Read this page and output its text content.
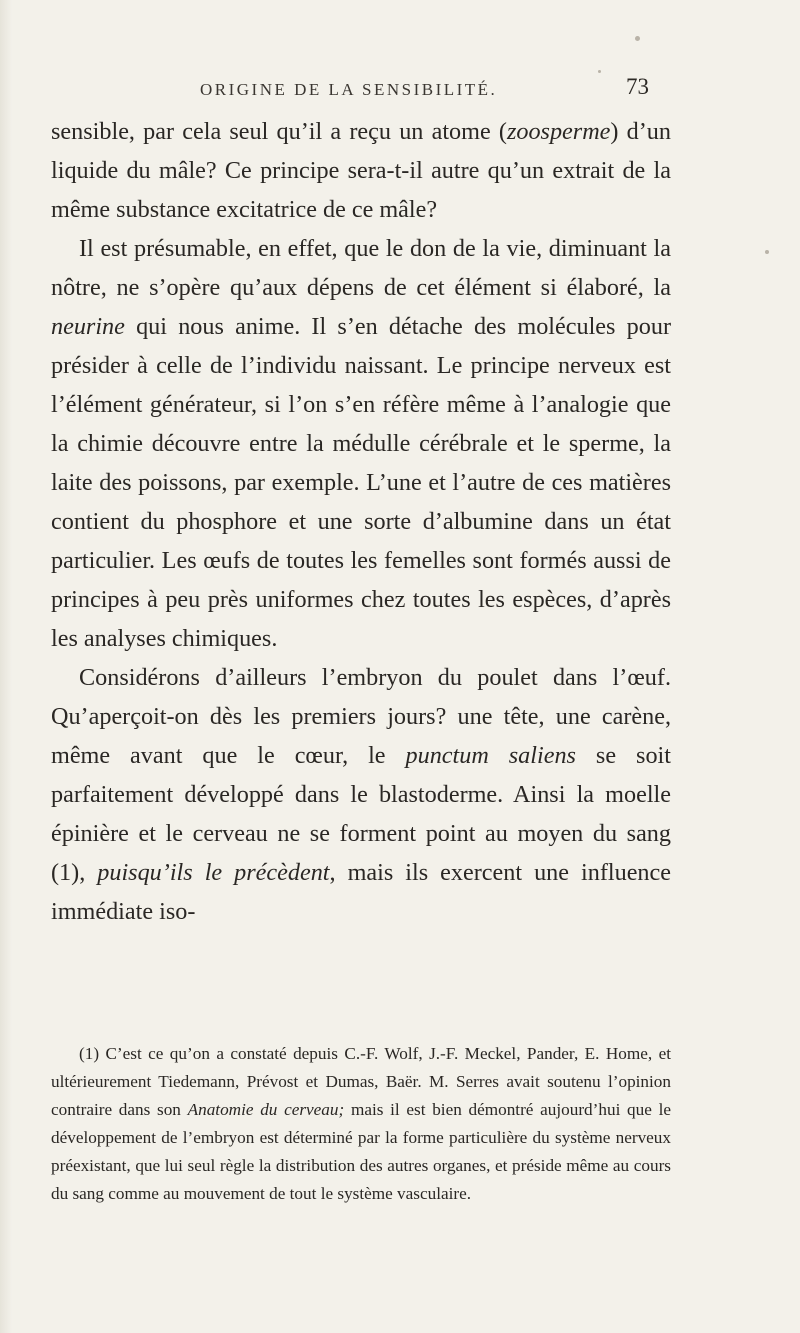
ORIGINE DE LA SENSIBILITÉ.	73

sensible, par cela seul qu’il a reçu un atome (zoosperme) d’un liquide du mâle? Ce principe sera-t-il autre qu’un extrait de la même substance excitatrice de ce mâle?

Il est présumable, en effet, que le don de la vie, diminuant la nôtre, ne s’opère qu’aux dépens de cet élément si élaboré, la neurine qui nous anime. Il s’en détache des molécules pour présider à celle de l’individu naissant. Le principe nerveux est l’élément générateur, si l’on s’en réfère même à l’analogie que la chimie découvre entre la médulle cérébrale et le sperme, la laite des poissons, par exemple. L’une et l’autre de ces matières contient du phosphore et une sorte d’albumine dans un état particulier. Les œufs de toutes les femelles sont formés aussi de principes à peu près uniformes chez toutes les espèces, d’après les analyses chimiques.

Considérons d’ailleurs l’embryon du poulet dans l’œuf. Qu’aperçoit-on dès les premiers jours? une tête, une carène, même avant que le cœur, le punctum saliens se soit parfaitement développé dans le blastoderme. Ainsi la moelle épinière et le cerveau ne se forment point au moyen du sang (1), puisqu’ils le précèdent, mais ils exercent une influence immédiate iso-

(1) C’est ce qu’on a constaté depuis C.-F. Wolf, J.-F. Meckel, Pander, E. Home, et ultérieurement Tiedemann, Prévost et Dumas, Baër. M. Serres avait soutenu l’opinion contraire dans son Anatomie du cerveau; mais il est bien démontré aujourd’hui que le développement de l’embryon est déterminé par la forme particulière du système nerveux préexistant, que lui seul règle la distribution des autres organes, et préside même au cours du sang comme au mouvement de tout le système vasculaire.
